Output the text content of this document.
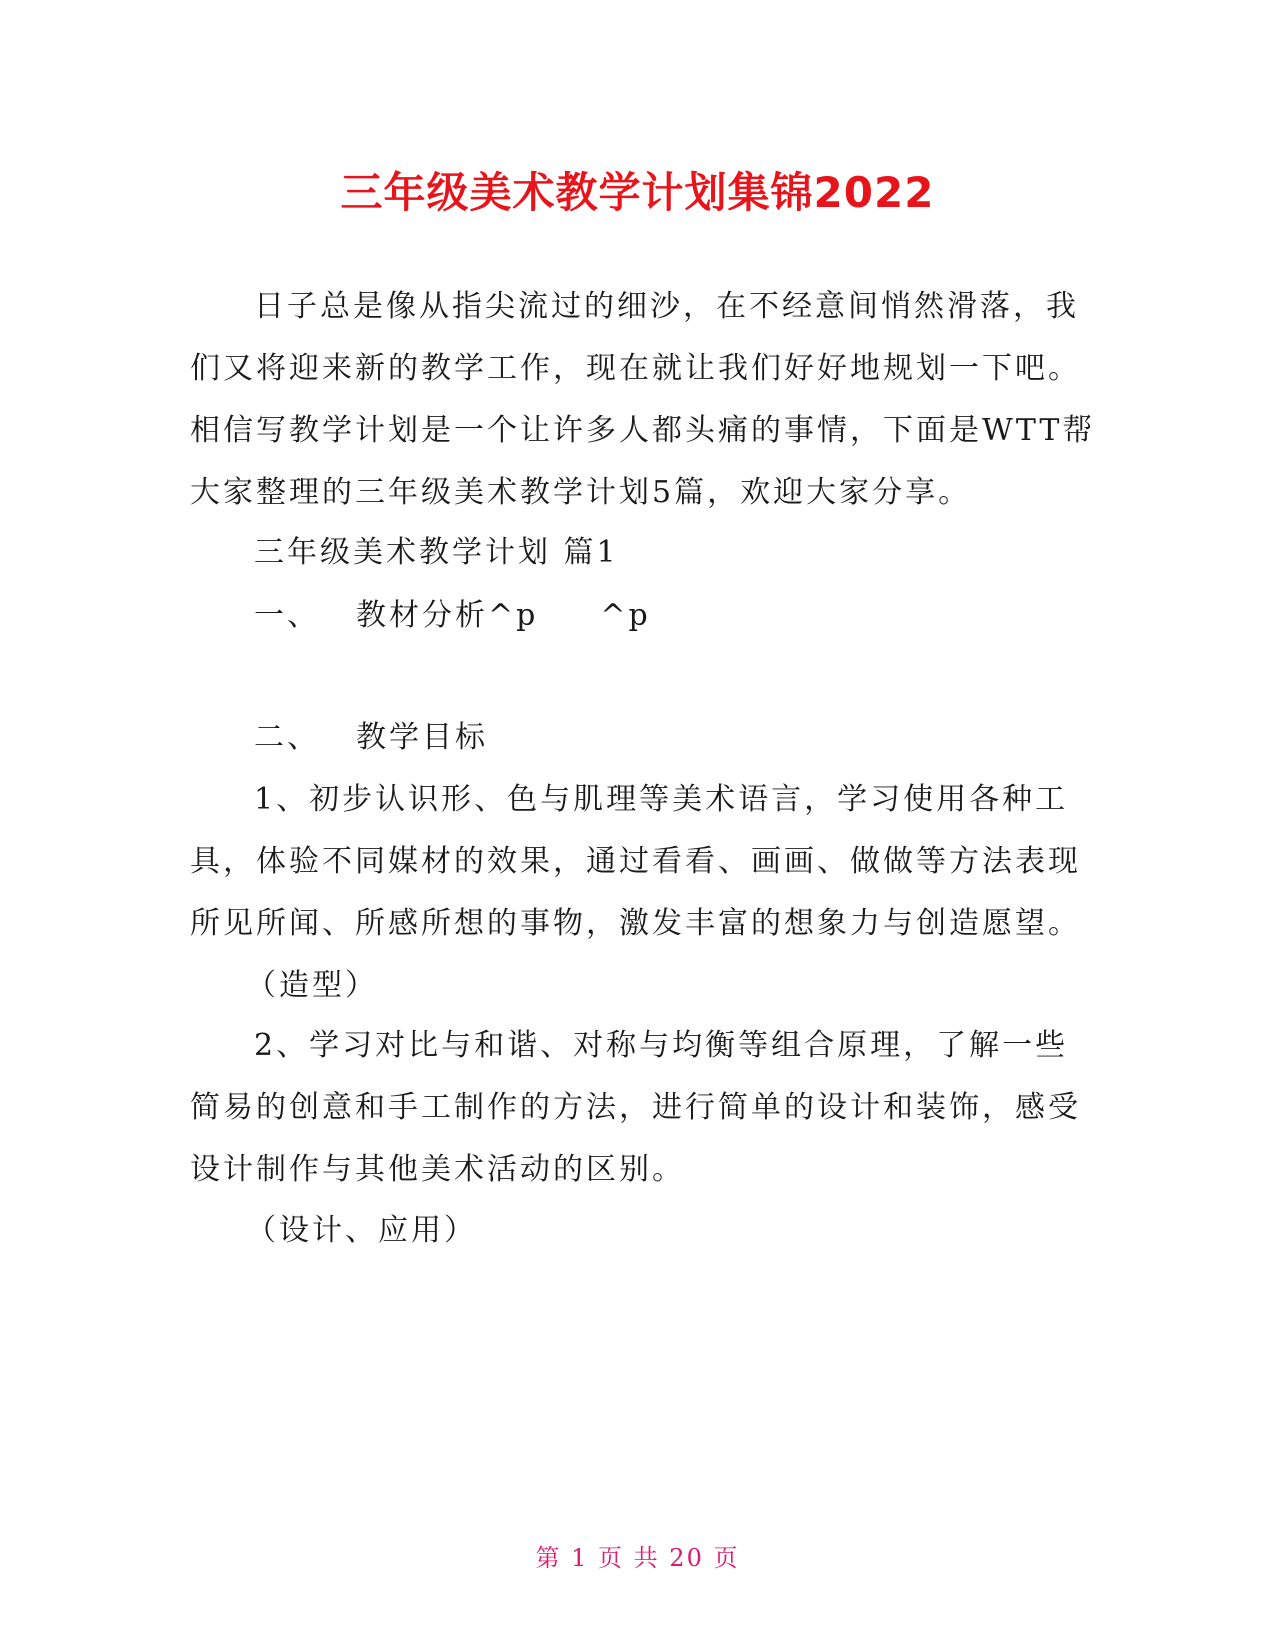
三年级美术教学计划集锦2022
日子总是像从指尖流过的细沙，在不经意间悄然滑落，我
们又将迎来新的教学工作，现在就让我们好好地规划一下吧。
相信写教学计划是一个让许多人都头痛的事情，下面是WTT帮
大家整理的三年级美术教学计划5篇，欢迎大家分享。
三年级美术教学计划 篇1
一、 教材分析^p ^p
二、 教学目标
1、初步认识形、色与肌理等美术语言，学习使用各种工
具，体验不同媒材的效果，通过看看、画画、做做等方法表现
所见所闻、所感所想的事物，激发丰富的想象力与创造愿望。
（造型）
2、学习对比与和谐、对称与均衡等组合原理，了解一些
简易的创意和手工制作的方法，进行简单的设计和装饰，感受
设计制作与其他美术活动的区别。
（设计、应用）
第 1 页 共 20 页
